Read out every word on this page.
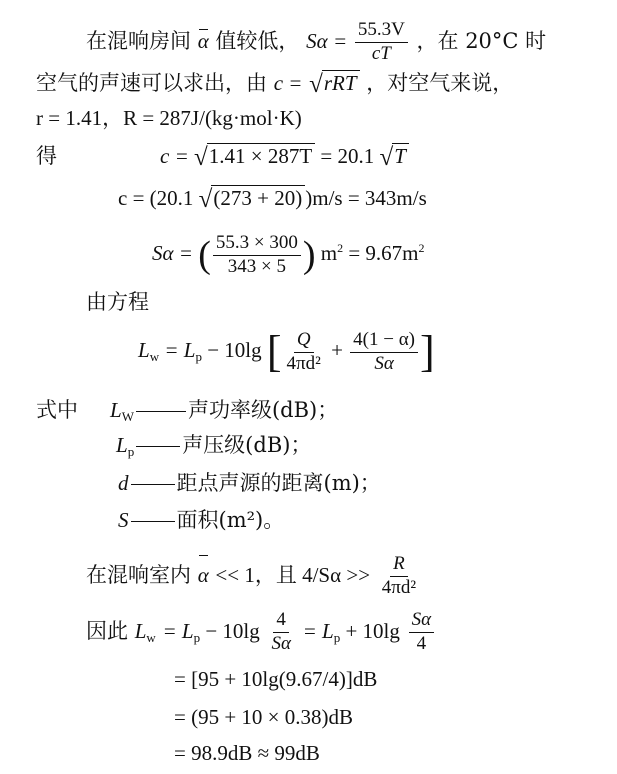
在混响房间 α 值较低， $S\alpha = \frac{55.3V}{cT}$ ，在 20°C 时
空气的声速可以求出，由 c = √rRT ，对空气来说，
r = 1.41，R = 287J/(kg·mol·K)
得	c = √1.41 × 287T = 20.1 √T
c = (20.1 √(273 + 20) )m/s = 343m/s
Sα = ( $\frac{55.3 \times 300}{343 \times 5}$ ) $m^2 = 9.67m^2$
由方程
$L_w = L_p - 10\lg$ [ $\frac{Q}{\text{4πd²}} + \frac{4(1 - \alpha)}{S\alpha}$ ]
式中 $L_W$	声功率级(dB)；
$L_p$ 声压级(dB)；
d 距点声源的距离(m)；
S 面积(m²)。
在混响室内 α << 1，且 $4/S\alpha >> \frac{R}{\text{4πd²}}$
因此 $L_w = L_p - 10\lg \frac{4}{S\alpha} = L_p + 10\lg \frac{S\alpha}{4}$
= [95 + 10lg(9.67/4)]dB
= (95 + 10 × 0.38)dB
= 98.9dB ≈ 99dB
